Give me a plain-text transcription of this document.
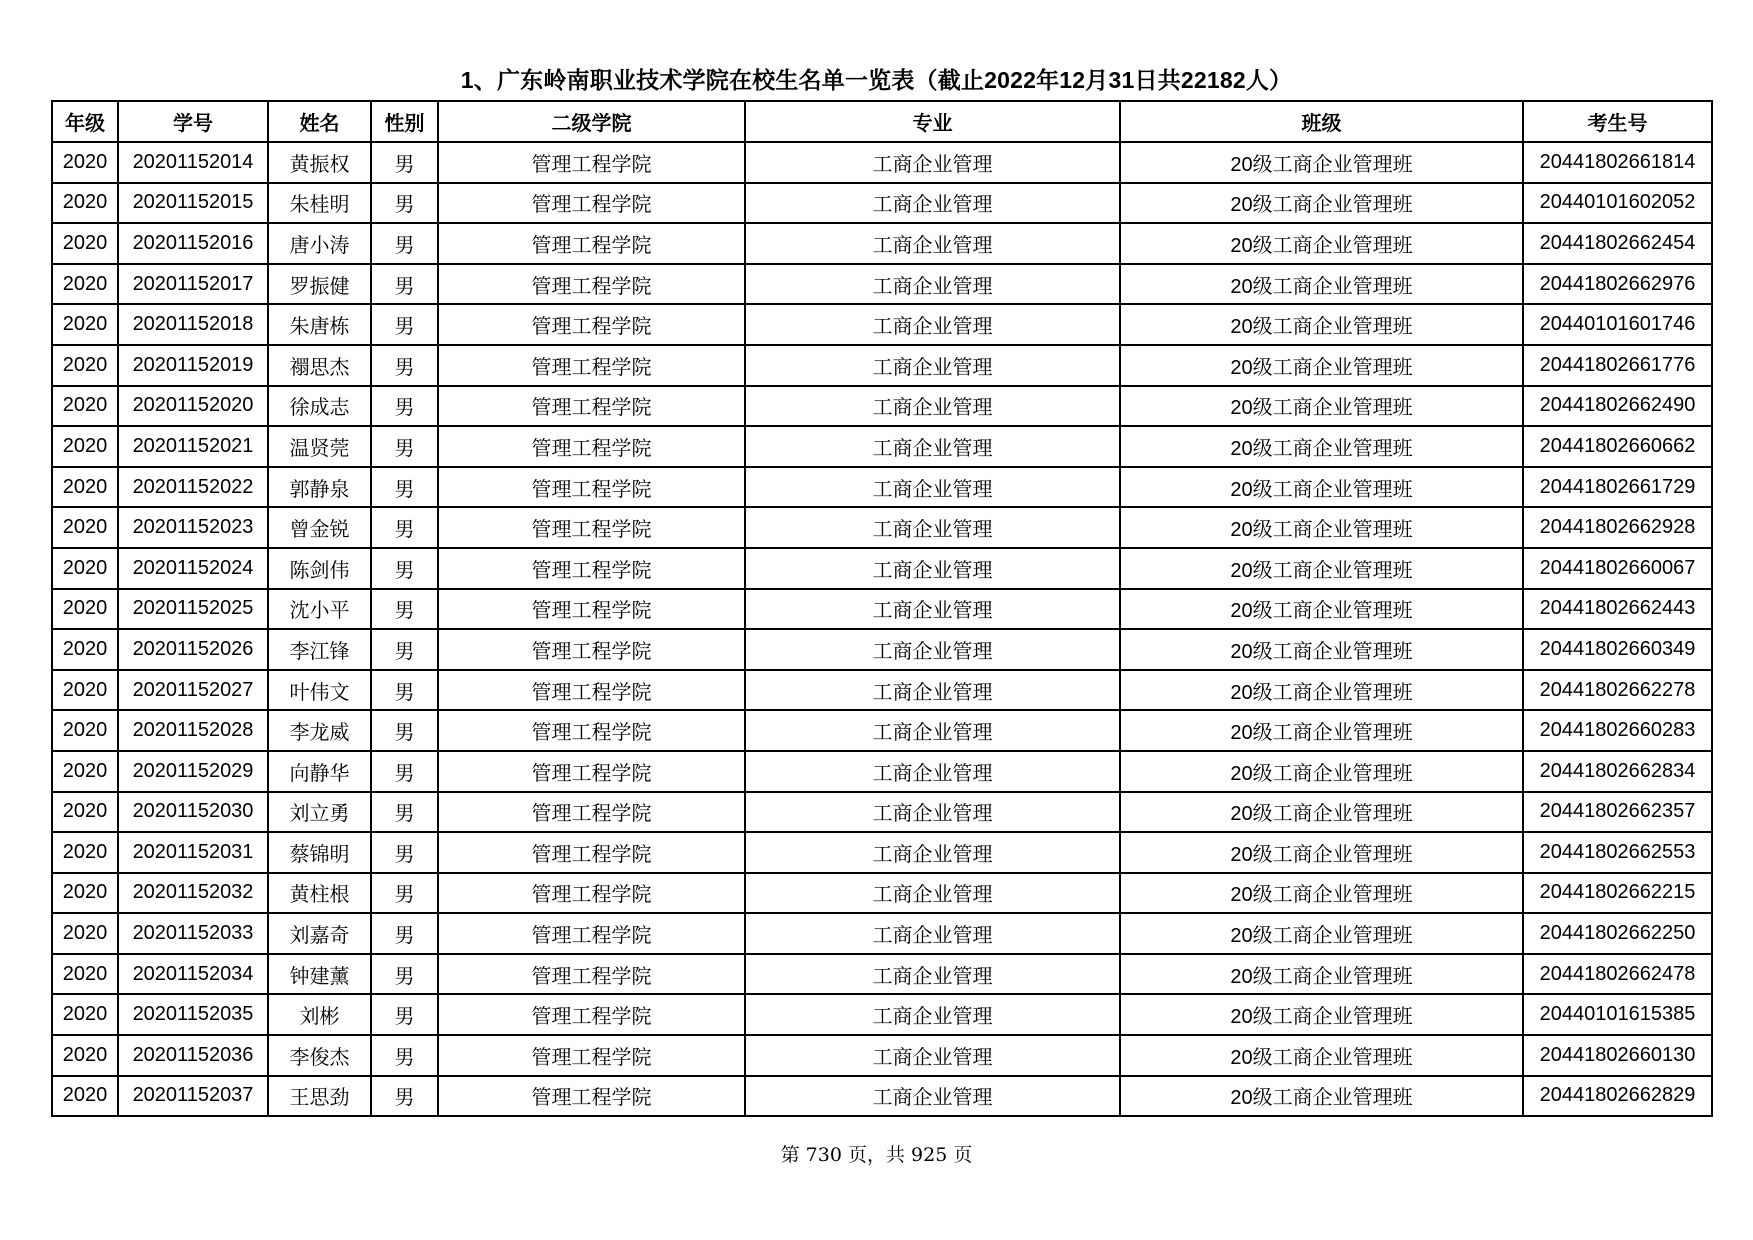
1、广东岭南职业技术学院在校生名单一览表（截止2022年12月31日共22182人）
年级	学号	姓名	性别	二级学院	专业	班级	考生号
2020	20201152014	黄振权	男	管理工程学院	工商企业管理	20级工商企业管理班	20441802661814
2020	20201152015	朱桂明	男	管理工程学院	工商企业管理	20级工商企业管理班	20440101602052
2020	20201152016	唐小涛	男	管理工程学院	工商企业管理	20级工商企业管理班	20441802662454
2020	20201152017	罗振健	男	管理工程学院	工商企业管理	20级工商企业管理班	20441802662976
2020	20201152018	朱唐栋	男	管理工程学院	工商企业管理	20级工商企业管理班	20440101601746
2020	20201152019	禤思杰	男	管理工程学院	工商企业管理	20级工商企业管理班	20441802661776
2020	20201152020	徐成志	男	管理工程学院	工商企业管理	20级工商企业管理班	20441802662490
2020	20201152021	温贤莞	男	管理工程学院	工商企业管理	20级工商企业管理班	20441802660662
2020	20201152022	郭静泉	男	管理工程学院	工商企业管理	20级工商企业管理班	20441802661729
2020	20201152023	曾金锐	男	管理工程学院	工商企业管理	20级工商企业管理班	20441802662928
2020	20201152024	陈剑伟	男	管理工程学院	工商企业管理	20级工商企业管理班	20441802660067
2020	20201152025	沈小平	男	管理工程学院	工商企业管理	20级工商企业管理班	20441802662443
2020	20201152026	李江锋	男	管理工程学院	工商企业管理	20级工商企业管理班	20441802660349
2020	20201152027	叶伟文	男	管理工程学院	工商企业管理	20级工商企业管理班	20441802662278
2020	20201152028	李龙威	男	管理工程学院	工商企业管理	20级工商企业管理班	20441802660283
2020	20201152029	向静华	男	管理工程学院	工商企业管理	20级工商企业管理班	20441802662834
2020	20201152030	刘立勇	男	管理工程学院	工商企业管理	20级工商企业管理班	20441802662357
2020	20201152031	蔡锦明	男	管理工程学院	工商企业管理	20级工商企业管理班	20441802662553
2020	20201152032	黄柱根	男	管理工程学院	工商企业管理	20级工商企业管理班	20441802662215
2020	20201152033	刘嘉奇	男	管理工程学院	工商企业管理	20级工商企业管理班	20441802662250
2020	20201152034	钟建薰	男	管理工程学院	工商企业管理	20级工商企业管理班	20441802662478
2020	20201152035	刘彬	男	管理工程学院	工商企业管理	20级工商企业管理班	20440101615385
2020	20201152036	李俊杰	男	管理工程学院	工商企业管理	20级工商企业管理班	20441802660130
2020	20201152037	王思劲	男	管理工程学院	工商企业管理	20级工商企业管理班	20441802662829
第 730 页，共 925 页
